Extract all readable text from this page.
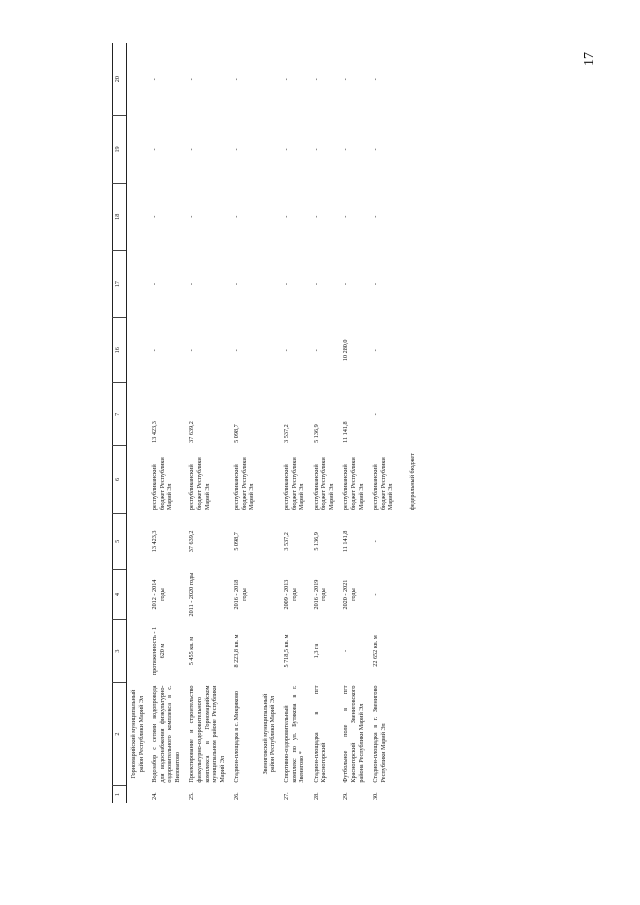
17
1	2	3	4	5	6	7	16	17	18	19	20
	Горномарийский муниципальный район Республики Марий Эл										
24.	Водозабор с сетями водопровода для водоснабжения физкультурно-оздоровительного комплекса в с. Виловатово	протяженность - 1 620 м	2012 - 2014 годы	13 423,3	республиканский бюджет Республики Марий Эл	13 423,3	-	-	-	-	-
25.	Проектирование и строительство физкультурно-оздоровительного комплекса в Горномарийском муниципальном районе Республики Марий Эл	5 455 кв. м	2011 - 2020 годы	37 639,2	республиканский бюджет Республики Марий Эл	37 639,2	-	-	-	-	-
26.	Стадион-площадка в с. Микряково	8 223,8 кв. м	2016 - 2018 годы	5 098,7	республиканский бюджет Республики Марий Эл	5 098,7	-	-	-	-	-
	Звениговский муниципальный район Республики Марий Эл										
27.	Спортивно-оздоровительный комплекс по ул. Бутякова в г. Звенигово *	5 718,5 кв. м	2009 - 2013 годы	3 537,2	республиканский бюджет Республики Марий Эл	3 537,2	-	-	-	-	-
28.	Стадион-площадка в пгт Красногорский	1,3 га	2016 - 2019 годы	5 136,9	республиканский бюджет Республики Марий Эл	5 136,9	-	-	-	-	-
29.	Футбольное поле в пгт Красногорский Звениговского района Республики Марий Эл	-	2020 - 2021 годы	11 141,8	республиканский бюджет Республики Марий Эл	11 141,8	10 280,0	-	-	-	-
30.	Стадион-площадка в г. Звенигово Республики Марий Эл	22 652 кв. м	-	-	республиканский бюджет Республики Марий Эл федеральный бюджет	-	-	-	-	-	-
